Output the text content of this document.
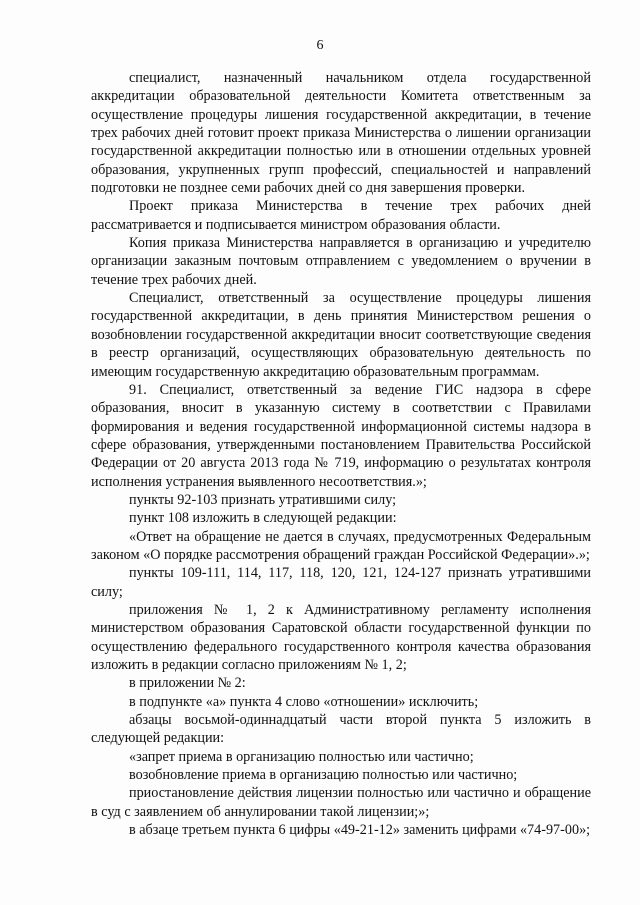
6

специалист, назначенный начальником отдела государственной аккредитации образовательной деятельности Комитета ответственным за осуществление процедуры лишения государственной аккредитации, в течение трех рабочих дней готовит проект приказа Министерства о лишении организации государственной аккредитации полностью или в отношении отдельных уровней образования, укрупненных групп профессий, специальностей и направлений подготовки не позднее семи рабочих дней со дня завершения проверки.

Проект приказа Министерства в течение трех рабочих дней рассматривается и подписывается министром образования области.

Копия приказа Министерства направляется в организацию и учредителю организации заказным почтовым отправлением с уведомлением о вручении в течение трех рабочих дней.

Специалист, ответственный за осуществление процедуры лишения государственной аккредитации, в день принятия Министерством решения о возобновлении государственной аккредитации вносит соответствующие сведения в реестр организаций, осуществляющих образовательную деятельность по имеющим государственную аккредитацию образовательным программам.

91. Специалист, ответственный за ведение ГИС надзора в сфере образования, вносит в указанную систему в соответствии с Правилами формирования и ведения государственной информационной системы надзора в сфере образования, утвержденными постановлением Правительства Российской Федерации от 20 августа 2013 года № 719, информацию о результатах контроля исполнения устранения выявленного несоответствия.»;

пункты 92-103 признать утратившими силу;

пункт 108 изложить в следующей редакции:

«Ответ на обращение не дается в случаях, предусмотренных Федеральным законом «О порядке рассмотрения обращений граждан Российской Федерации».»;

пункты 109-111, 114, 117, 118, 120, 121, 124-127 признать утратившими силу;

приложения № 1, 2 к Административному регламенту исполнения министерством образования Саратовской области государственной функции по осуществлению федерального государственного контроля качества образования изложить в редакции согласно приложениям № 1, 2;

в приложении № 2:

в подпункте «а» пункта 4 слово «отношении» исключить;

абзацы восьмой-одиннадцатый части второй пункта 5 изложить в следующей редакции:

«запрет приема в организацию полностью или частично;

возобновление приема в организацию полностью или частично;

приостановление действия лицензии полностью или частично и обращение в суд с заявлением об аннулировании такой лицензии;»;

в абзаце третьем пункта 6 цифры «49-21-12» заменить цифрами «74-97-00»;
